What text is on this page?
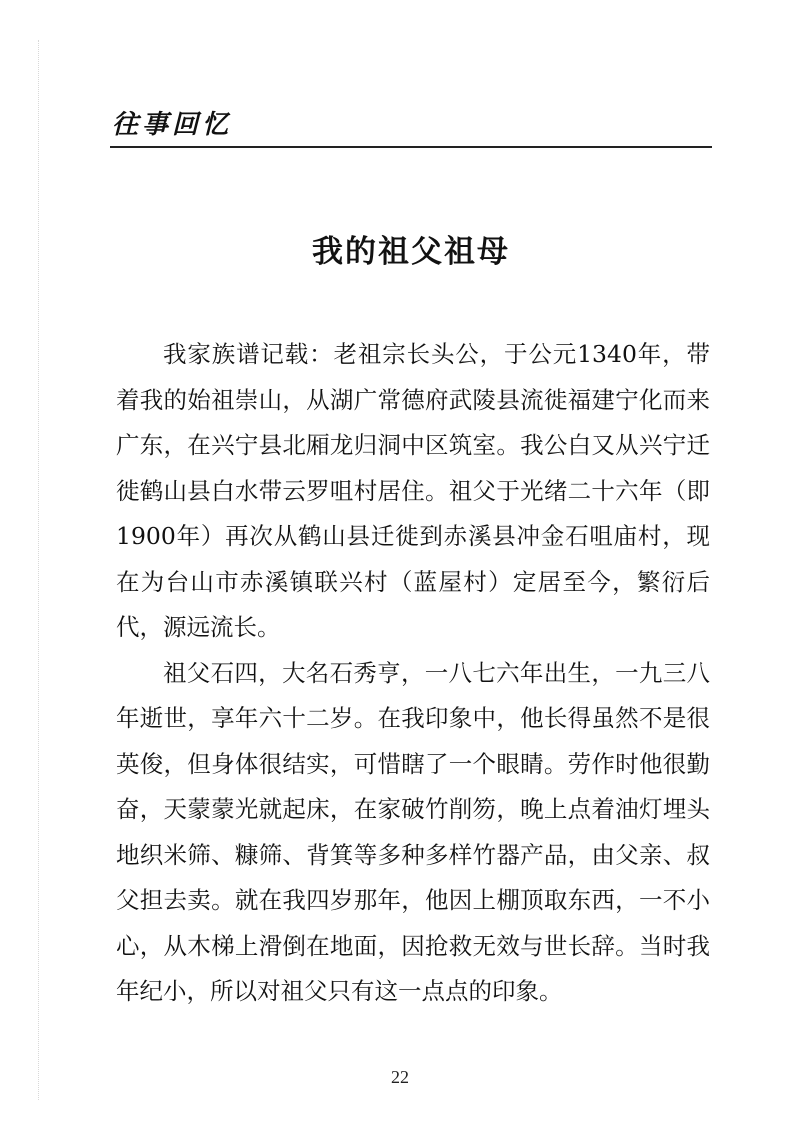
往事回忆
我的祖父祖母

我家族谱记载：老祖宗长头公，于公元1340年，带着我的始祖崇山，从湖广常德府武陵县流徙福建宁化而来广东，在兴宁县北厢龙归洞中区筑室。我公白又从兴宁迁徙鹤山县白水带云罗咀村居住。祖父于光绪二十六年（即1900年）再次从鹤山县迁徙到赤溪县冲金石咀庙村，现在为台山市赤溪镇联兴村（蓝屋村）定居至今，繁衍后代，源远流长。

祖父石四，大名石秀亨，一八七六年出生，一九三八年逝世，享年六十二岁。在我印象中，他长得虽然不是很英俊，但身体很结实，可惜瞎了一个眼睛。劳作时他很勤奋，天蒙蒙光就起床，在家破竹削笏，晚上点着油灯埋头地织米筛、糠筛、背箕等多种多样竹器产品，由父亲、叔父担去卖。就在我四岁那年，他因上棚顶取东西，一不小心，从木梯上滑倒在地面，因抢救无效与世长辞。当时我年纪小，所以对祖父只有这一点点的印象。

22
